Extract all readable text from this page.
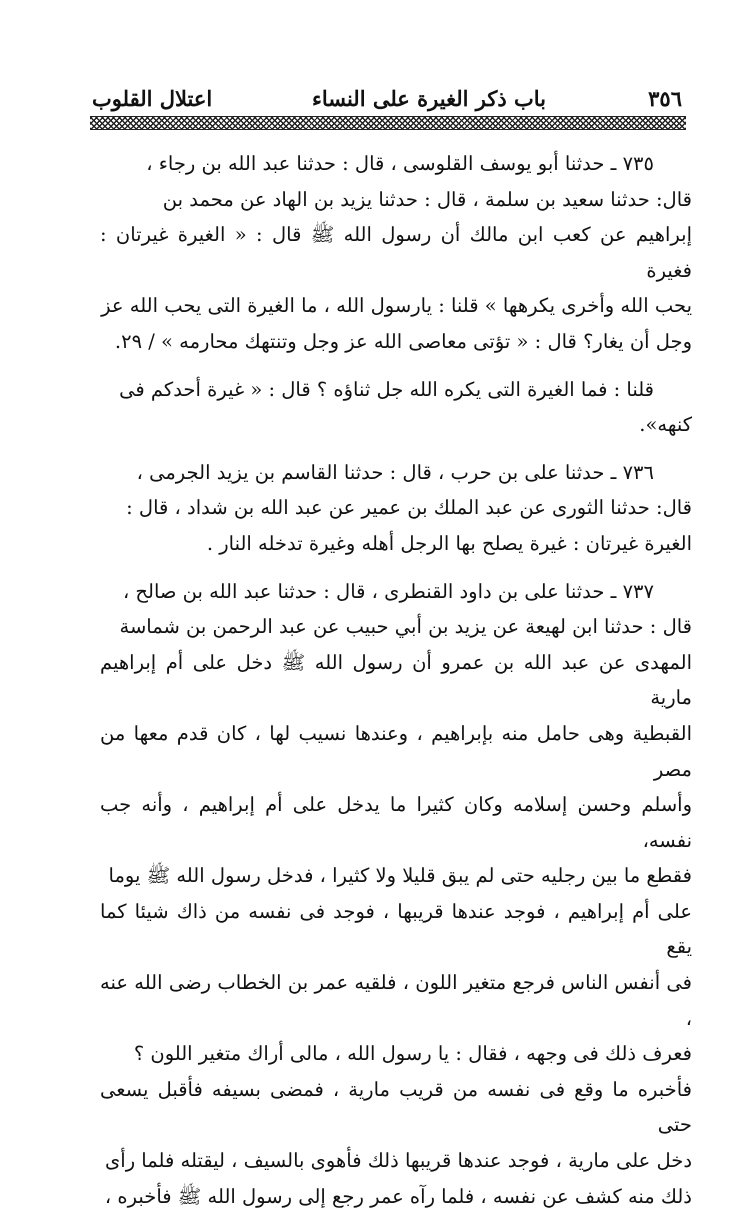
٣٥٦
باب ذكر الغيرة على النساء
اعتلال القلوب

٧٣٥ ـ حدثنا أبو يوسف القلوسى ، قال : حدثنا عبد الله بن رجاء ،

قال: حدثنا سعيد بن سلمة ، قال : حدثنا يزيد بن الهاد عن محمد بن

إبراهيم عن كعب ابن مالك أن رسول الله ﷺ قال : « الغيرة غيرتان : فغيرة

يحب الله وأخرى يكرهها » قلنا : يارسول الله ، ما الغيرة التى يحب الله عز

وجل أن يغار؟ قال : « تؤتى معاصى الله عز وجل وتنتهك محارمه » / ٢٩.

قلنا : فما الغيرة التى يكره الله جل ثناؤه ؟ قال : « غيرة أحدكم فى

كنهه».

٧٣٦ ـ حدثنا على بن حرب ، قال : حدثنا القاسم بن يزيد الجرمى ،

قال: حدثنا الثورى عن عبد الملك بن عمير عن عبد الله بن شداد ، قال :

الغيرة غيرتان : غيرة يصلح بها الرجل أهله وغيرة تدخله النار .

٧٣٧ ـ حدثنا على بن داود القنطرى ، قال : حدثنا عبد الله بن صالح ،

قال : حدثنا ابن لهيعة عن يزيد بن أبي حبيب عن عبد الرحمن بن شماسة

المهدى عن عبد الله بن عمرو أن رسول الله ﷺ دخل على أم إبراهيم مارية

القبطية وهى حامل منه بإبراهيم ، وعندها نسيب لها ، كان قدم معها من مصر

وأسلم وحسن إسلامه وكان كثيرا ما يدخل على أم إبراهيم ، وأنه جب نفسه،

فقطع ما بين رجليه حتى لم يبق قليلا ولا كثيرا ، فدخل رسول الله ﷺ يوما

على أم إبراهيم ، فوجد عندها قريبها ، فوجد فى نفسه من ذاك شيئا كما يقع

فى أنفس الناس فرجع متغير اللون ، فلقيه عمر بن الخطاب رضى الله عنه ،

فعرف ذلك فى وجهه ، فقال : يا رسول الله ، مالى أراك متغير اللون ؟

فأخبره ما وقع فى نفسه من قريب مارية ، فمضى بسيفه فأقبل يسعى حتى

دخل على مارية ، فوجد عندها قريبها ذلك فأهوى بالسيف ، ليقتله فلما رأى

ذلك منه كشف عن نفسه ، فلما رآه عمر رجع إلى رسول الله ﷺ فأخبره ،
